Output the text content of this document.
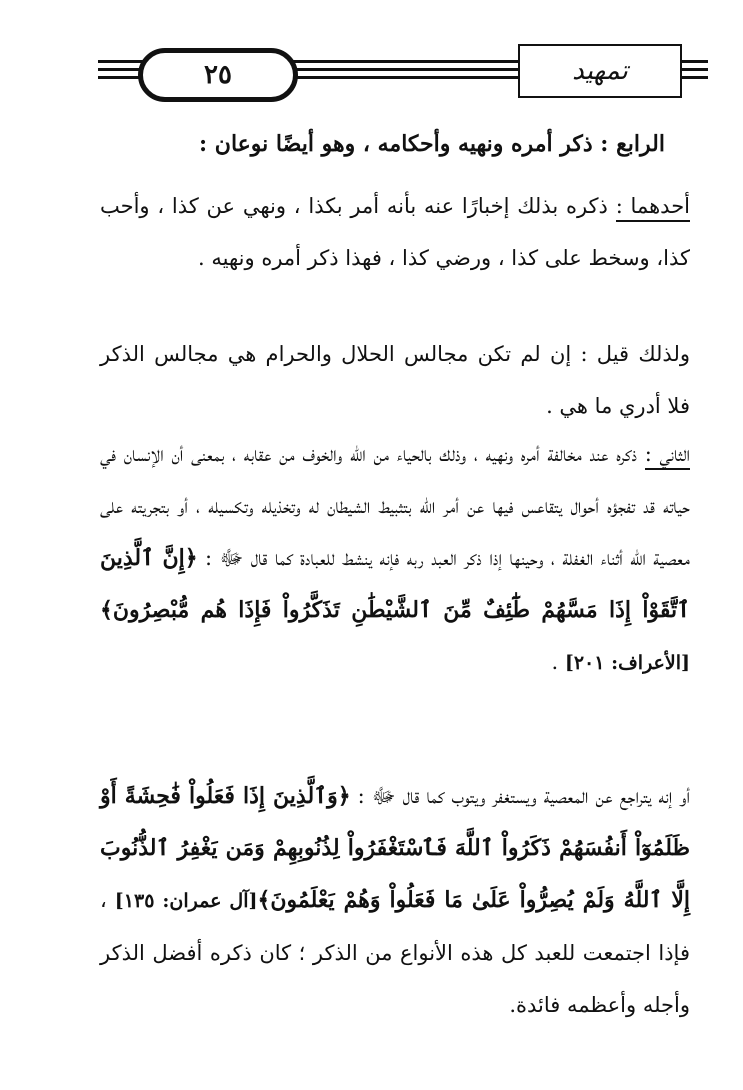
٢٥	تمهيد
الرابع : ذكر أمره ونهيه وأحكامه ، وهو أيضًا نوعان :
أحدهما : ذكره بذلك إخبارًا عنه بأنه أمر بكذا ، ونهي عن كذا ، وأحب كذا، وسخط على كذا ، ورضي كذا ، فهذا ذكر أمره ونهيه .
ولذلك قيل : إن لم تكن مجالس الحلال والحرام هي مجالس الذكر فلا أدري ما هي .
الثاني : ذكره عند مخالفة أمره ونهيه ، وذلك بالحياء من الله والخوف من عقابه ، بمعنى أن الإنسان في حياته قد تفجؤه أحوال يتقاعس فيها عن أمر الله بتثبيط الشيطان له وتخذيله وتكسيله ، أو بتجريته على معصية الله أثناء الغفلة ، وحينها إذا ذكر العبد ربه فإنه ينشط للعبادة كما قال ﷻ : ﴿إِنَّ ٱلَّذِينَ ٱتَّقَوْاْ إِذَا مَسَّهُمْ طَٰٓئِفٌ مِّنَ ٱلشَّيْطَٰنِ تَذَكَّرُواْ فَإِذَا هُم مُّبْصِرُونَ﴾[الأعراف: ٢٠١] .
أو إنه يتراجع عن المعصية ويستغفر ويتوب كما قال ﷻ : ﴿وَٱلَّذِينَ إِذَا فَعَلُواْ فَٰحِشَةً أَوْ ظَلَمُوٓاْ أَنفُسَهُمْ ذَكَرُواْ ٱللَّهَ فَٱسْتَغْفَرُواْ لِذُنُوبِهِمْ وَمَن يَغْفِرُ ٱلذُّنُوبَ إِلَّا ٱللَّهُ وَلَمْ يُصِرُّواْ عَلَىٰ مَا فَعَلُواْ وَهُمْ يَعْلَمُونَ﴾[آل عمران: ١٣٥] ، فإذا اجتمعت للعبد كل هذه الأنواع من الذكر ؛ كان ذكره أفضل الذكر وأجله وأعظمه فائدة.
